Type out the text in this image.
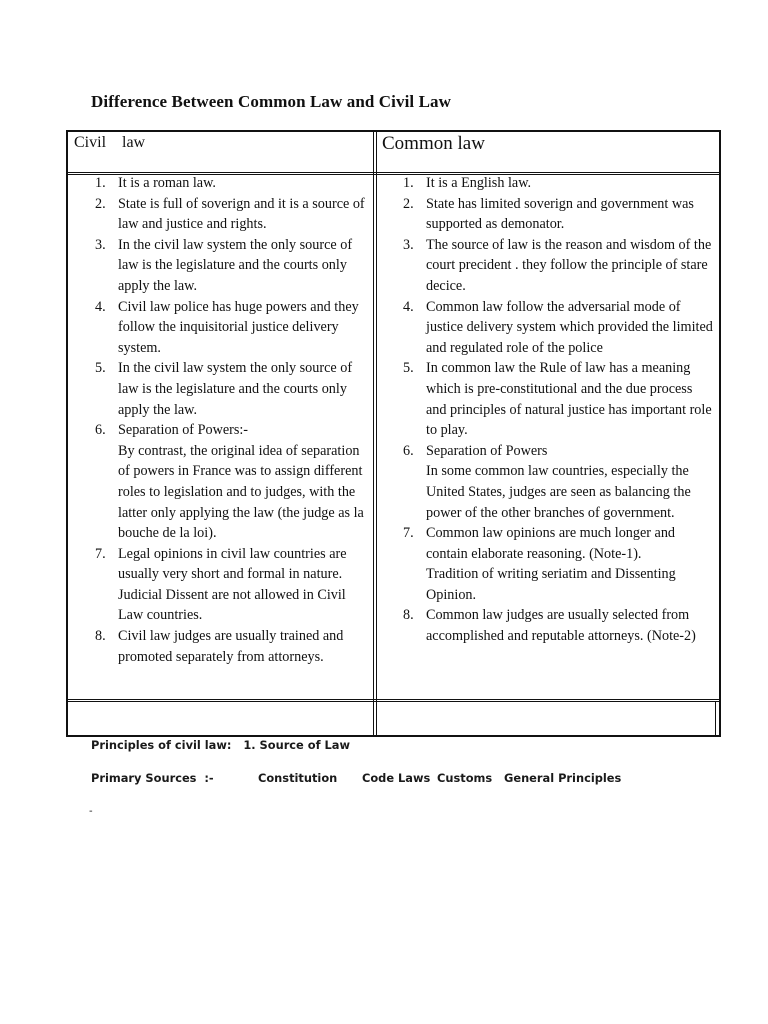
Difference Between Common Law and Civil Law
Civil    law	Common law
1. It is a roman law.
2. State is full of soverign and it is a source of law and justice and rights.
3. In the civil law system the only source of law is the legislature and the courts only apply the law.
4. Civil law police has huge powers and they follow the inquisitorial justice delivery system.
5. In the civil law system the only source of law is the legislature and the courts only apply the law.
6. Separation of Powers:-
By contrast, the original idea of separation of powers in France was to assign different roles to legislation and to judges, with the latter only applying the law (the judge as la bouche de la loi).
7. Legal opinions in civil law countries are usually very short and formal in nature. Judicial Dissent are not allowed in Civil Law countries.
8. Civil law judges are usually trained and promoted separately from attorneys.
1. It is a English law.
2. State has limited soverign and government was supported as demonator.
3. The source of law is the reason and wisdom of the court precident . they follow the principle of stare decice.
4. Common law follow the adversarial mode of justice delivery system which provided the limited and regulated role of the police
5. In common law the Rule of law has a meaning which is pre-constitutional and the due process and principles of natural justice has important role to play.
6. Separation of Powers
In some common law countries, especially the United States, judges are seen as balancing the power of the other branches of government.
7. Common law opinions are much longer and contain elaborate reasoning. (Note-1).
Tradition of writing seriatim and Dissenting Opinion.
8. Common law judges are usually selected from accomplished and reputable attorneys. (Note-2)
Principles of civil law:   1. Source of Law
Primary Sources  :-	Constitution Code Laws Customs General Principles
-
